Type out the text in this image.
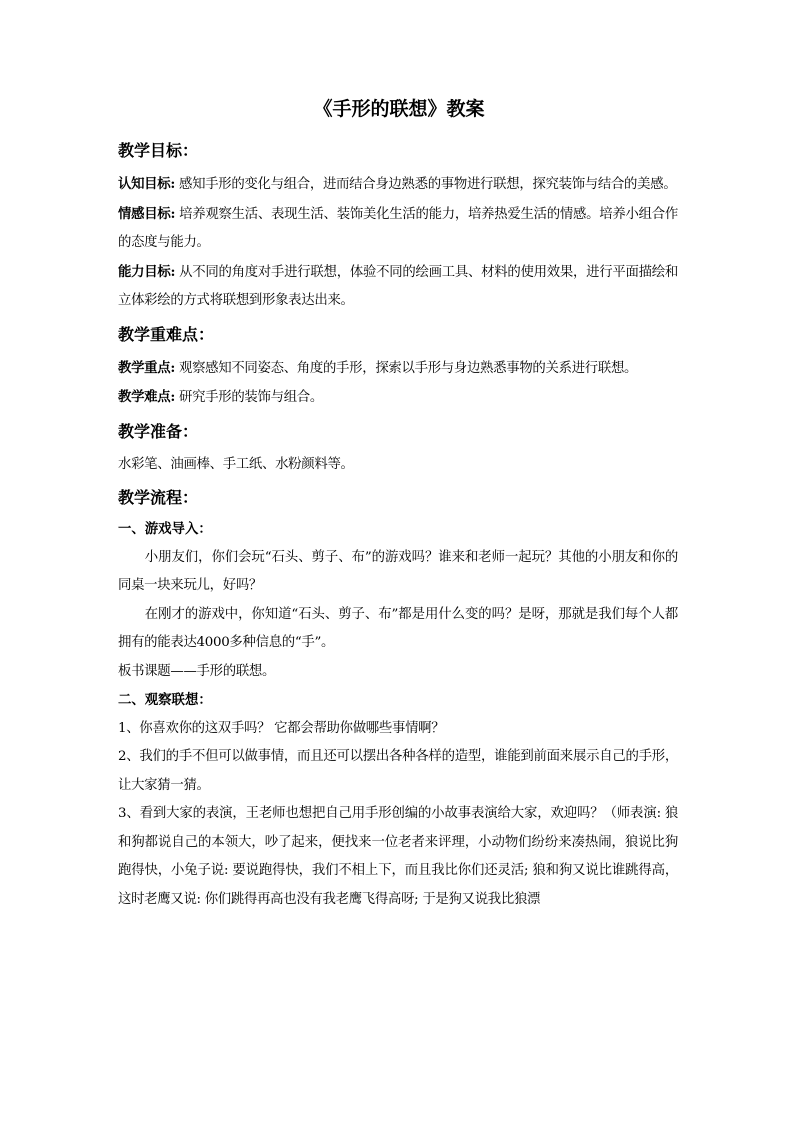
《手形的联想》教案

教学目标：

认知目标: 感知手形的变化与组合，进而结合身边熟悉的事物进行联想，探究装饰与结合的美感。

情感目标: 培养观察生活、表现生活、装饰美化生活的能力，培养热爱生活的情感。培养小组合作的态度与能力。

能力目标: 从不同的角度对手进行联想，体验不同的绘画工具、材料的使用效果，进行平面描绘和立体彩绘的方式将联想到形象表达出来。

教学重难点：

教学重点: 观察感知不同姿态、角度的手形，探索以手形与身边熟悉事物的关系进行联想。

教学难点: 研究手形的装饰与组合。

教学准备：

水彩笔、油画棒、手工纸、水粉颜料等。

教学流程：

一、游戏导入：

小朋友们，你们会玩“石头、剪子、布”的游戏吗？谁来和老师一起玩？其他的小朋友和你的同桌一块来玩儿，好吗？

在刚才的游戏中，你知道“石头、剪子、布”都是用什么变的吗？是呀，那就是我们每个人都拥有的能表达4000多种信息的“手”。

板书课题——手形的联想。

二、观察联想：

1、你喜欢你的这双手吗？ 它都会帮助你做哪些事情啊？

2、我们的手不但可以做事情，而且还可以摆出各种各样的造型，谁能到前面来展示自己的手形，让大家猜一猜。

3、看到大家的表演，王老师也想把自己用手形创编的小故事表演给大家，欢迎吗？（师表演: 狼和狗都说自己的本领大，吵了起来，便找来一位老者来评理，小动物们纷纷来凑热闹，狼说比狗跑得快，小兔子说: 要说跑得快，我们不相上下，而且我比你们还灵活; 狼和狗又说比谁跳得高，这时老鹰又说: 你们跳得再高也没有我老鹰飞得高呀; 于是狗又说我比狼漂
